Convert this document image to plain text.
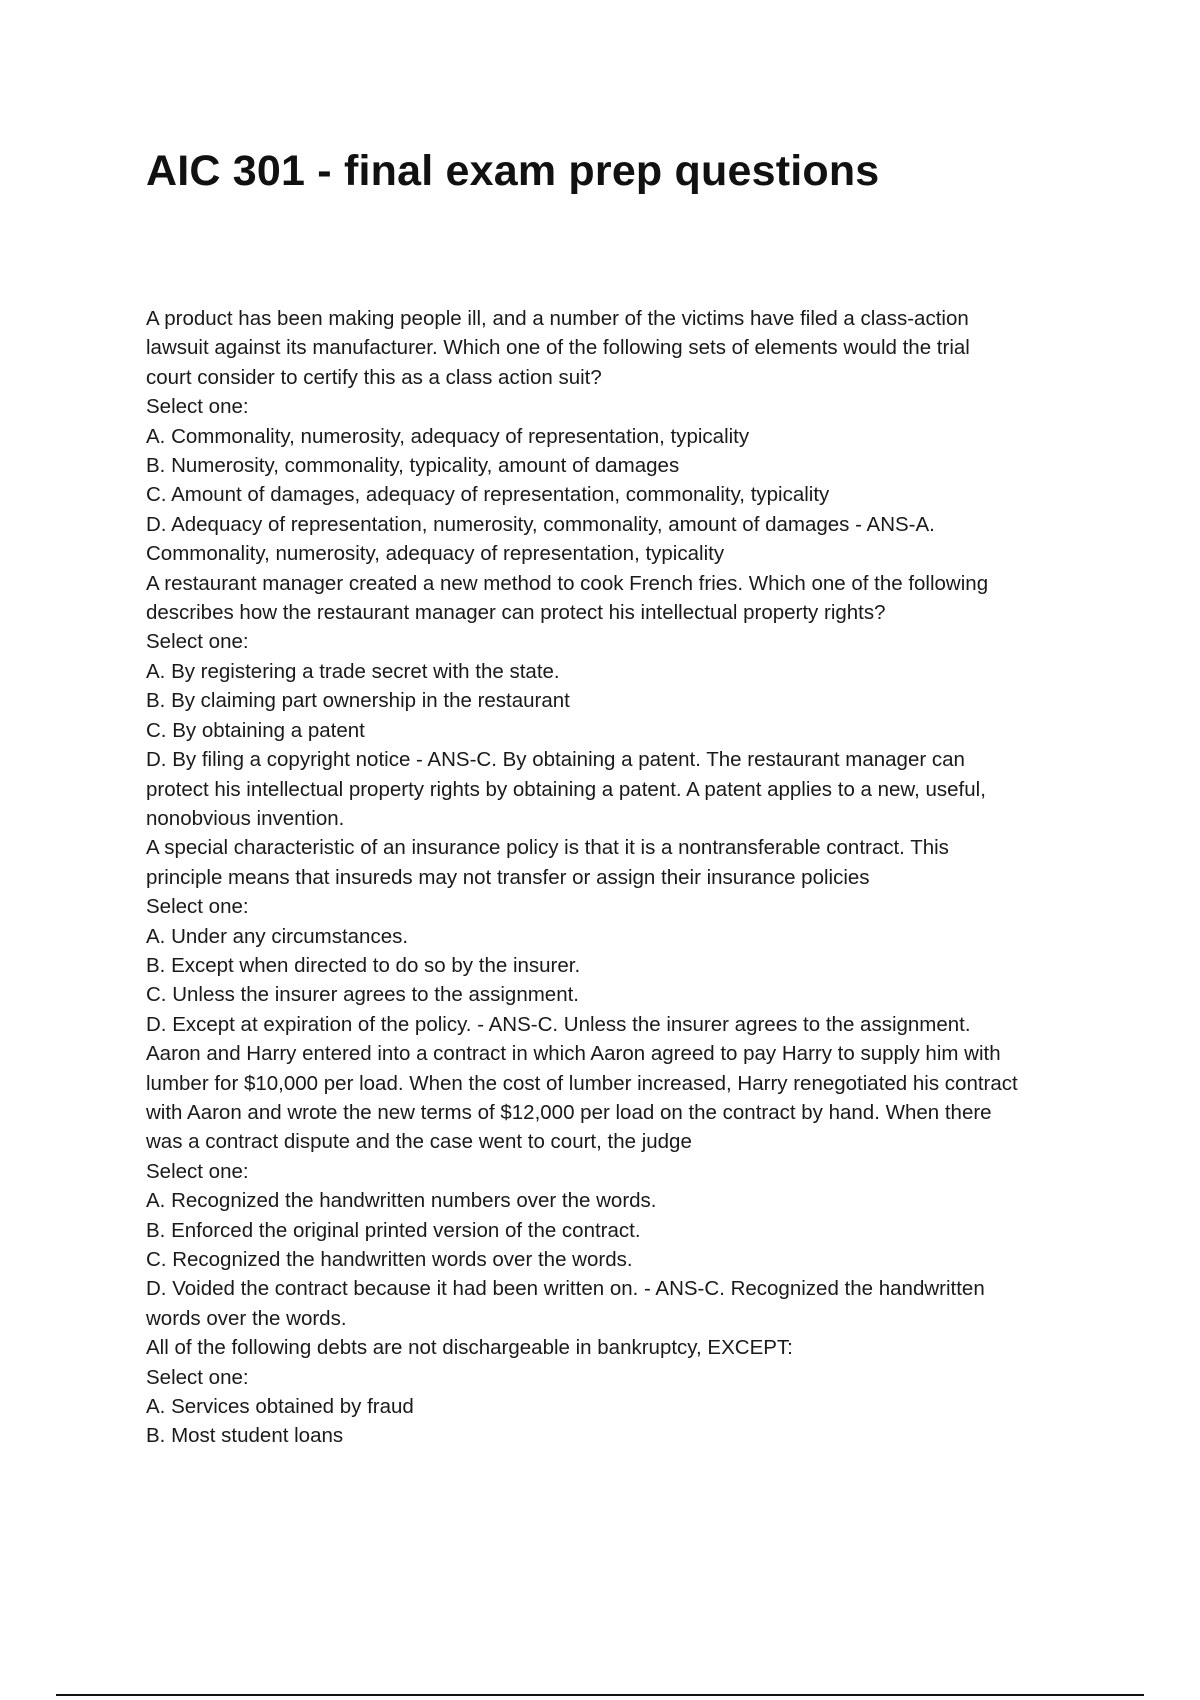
AIC 301 - final exam prep questions
A product has been making people ill, and a number of the victims have filed a class-action
lawsuit against its manufacturer. Which one of the following sets of elements would the trial
court consider to certify this as a class action suit?
Select one:
A. Commonality, numerosity, adequacy of representation, typicality
B. Numerosity, commonality, typicality, amount of damages
C. Amount of damages, adequacy of representation, commonality, typicality
D. Adequacy of representation, numerosity, commonality, amount of damages - ANS-A.
Commonality, numerosity, adequacy of representation, typicality
A restaurant manager created a new method to cook French fries. Which one of the following
describes how the restaurant manager can protect his intellectual property rights?
Select one:
A. By registering a trade secret with the state.
B. By claiming part ownership in the restaurant
C. By obtaining a patent
D. By filing a copyright notice - ANS-C. By obtaining a patent. The restaurant manager can
protect his intellectual property rights by obtaining a patent. A patent applies to a new, useful,
nonobvious invention.
A special characteristic of an insurance policy is that it is a nontransferable contract. This
principle means that insureds may not transfer or assign their insurance policies
Select one:
A. Under any circumstances.
B. Except when directed to do so by the insurer.
C. Unless the insurer agrees to the assignment.
D. Except at expiration of the policy. - ANS-C. Unless the insurer agrees to the assignment.
Aaron and Harry entered into a contract in which Aaron agreed to pay Harry to supply him with
lumber for $10,000 per load. When the cost of lumber increased, Harry renegotiated his contract
with Aaron and wrote the new terms of $12,000 per load on the contract by hand. When there
was a contract dispute and the case went to court, the judge
Select one:
A. Recognized the handwritten numbers over the words.
B. Enforced the original printed version of the contract.
C. Recognized the handwritten words over the words.
D. Voided the contract because it had been written on. - ANS-C. Recognized the handwritten
words over the words.
All of the following debts are not dischargeable in bankruptcy, EXCEPT:
Select one:
A. Services obtained by fraud
B. Most student loans
